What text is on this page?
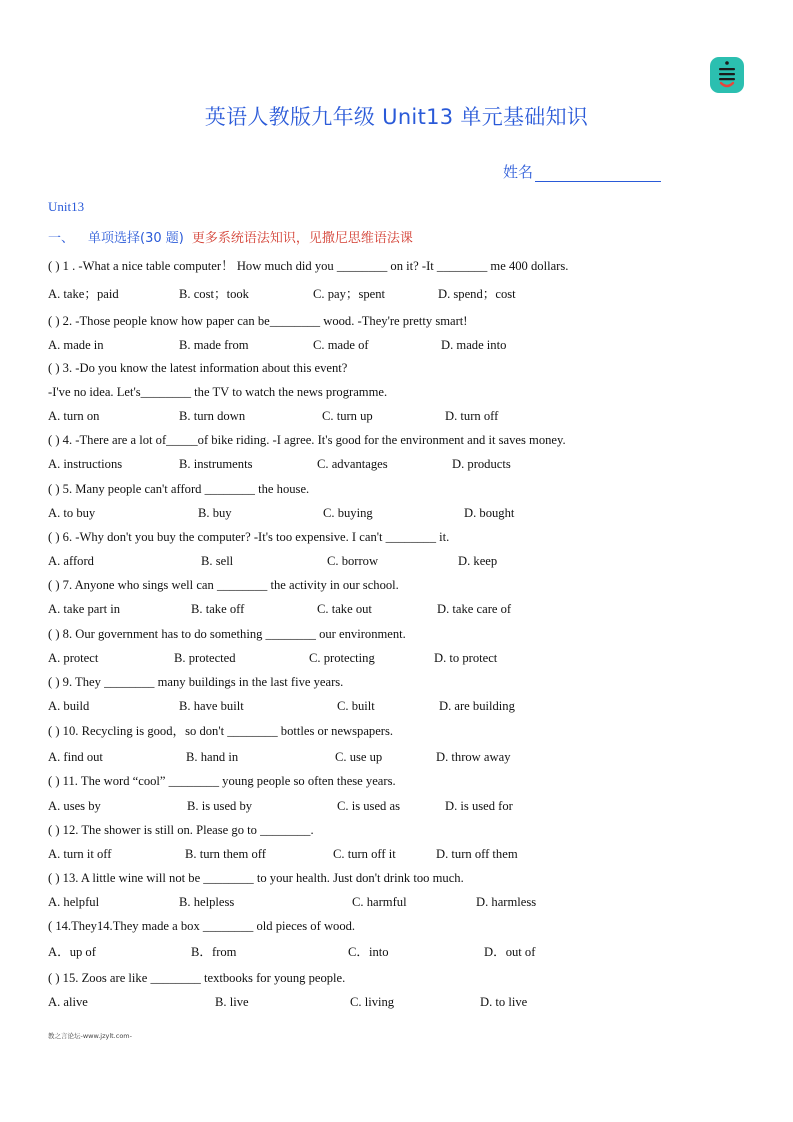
英语人教版九年级 Unit13 单元基础知识
姓名
Unit13
一、 单项选择(30 题) 更多系统语法知识，见撒尼思维语法课
( ) 1 . -What a nice table computer！ How much did you ________ on it? -It ________ me 400 dollars.
A. take；paid	B. cost；took	C. pay；spent	D. spend；cost
( ) 2. -Those people know how paper can be________ wood. -They're pretty smart!
A. made in	B. made from	C. made of	D. made into
( ) 3. -Do you know the latest information about this event?
-I've no idea. Let's________ the TV to watch the news programme.
A. turn on	B. turn down	C. turn up	D. turn off
( ) 4. -There are a lot of_____of bike riding. -I agree. It's good for the environment and it saves money.
A. instructions	B. instruments	C. advantages	D. products
( ) 5. Many people can't afford ________ the house.
A. to buy	B. buy	C. buying	D. bought
( ) 6. -Why don't you buy the computer? -It's too expensive. I can't ________ it.
A. afford	B. sell	C. borrow	D. keep
( ) 7. Anyone who sings well can ________ the activity in our school.
A. take part in	B. take off	C. take out	D. take care of
( ) 8. Our government has to do something ________ our environment.
A. protect	B. protected	C. protecting	D. to protect
( ) 9. They ________ many buildings in the last five years.
A. build	B. have built	C. built	D. are building
( ) 10. Recycling is good，so don't ________ bottles or newspapers.
A. find out	B. hand in	C. use up	D. throw away
( ) 11. The word “cool” ________ young people so often these years.
A. uses by	B. is used by	C. is used as	D. is used for
( ) 12. The shower is still on. Please go to ________.
A. turn it off	B. turn them off	C. turn off it	D. turn off them
( ) 13. A little wine will not be ________ to your health. Just don't drink too much.
A. helpful	B. helpless	C. harmful	D. harmless
( 14.They14.They made a box ________ old pieces of wood.
A．up of	B．from	C．into	D．out of
( ) 15. Zoos are like ________ textbooks for young people.
A. alive	B. live	C. living	D. to live
教之言论坛-www.jzylt.com-
